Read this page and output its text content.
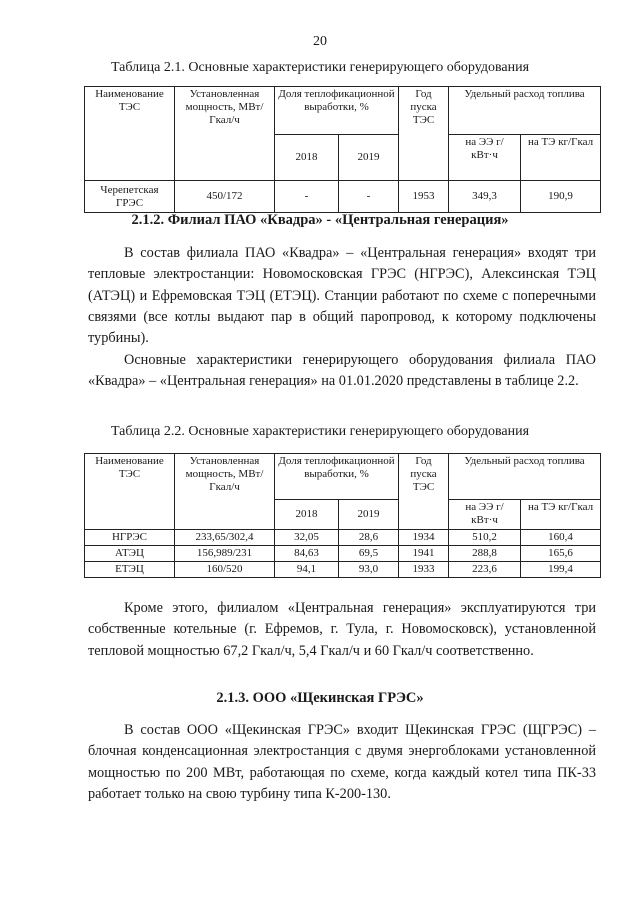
20
Таблица 2.1. Основные характеристики генерирующего оборудования
Наименование ТЭС	Установленная мощность, МВт/ Гкал/ч	Доля теплофикационной выработки, %		Год пуска ТЭС	Удельный расход топлива	
		2018	2019		на ЭЭ г/кВт·ч	на ТЭ кг/Гкал
Черепетская ГРЭС	450/172	-	-	1953	349,3	190,9
2.1.2. Филиал ПАО «Квадра» - «Центральная генерация»

В состав филиала ПАО «Квадра» – «Центральная генерация» входят три тепловые электростанции: Новомосковская ГРЭС (НГРЭС), Алексинская ТЭЦ (АТЭЦ) и Ефремовская ТЭЦ (ЕТЭЦ). Станции работают по схеме с поперечными связями (все котлы выдают пар в общий паропровод, к которому подключены турбины).

Основные характеристики генерирующего оборудования филиала ПАО «Квадра» – «Центральная генерация» на 01.01.2020 представлены в таблице 2.2.

Таблица 2.2. Основные характеристики генерирующего оборудования
Наименование ТЭС	Установленная мощность, МВт/ Гкал/ч	Доля теплофикационной выработки, %		Год пуска ТЭС	Удельный расход топлива	
		2018	2019		на ЭЭ г/кВт·ч	на ТЭ кг/Гкал
НГРЭС	233,65/302,4	32,05	28,6	1934	510,2	160,4
АТЭЦ	156,989/231	84,63	69,5	1941	288,8	165,6
ЕТЭЦ	160/520	94,1	93,0	1933	223,6	199,4

Кроме этого, филиалом «Центральная генерация» эксплуатируются три собственные котельные (г. Ефремов, г. Тула, г. Новомосковск), установленной тепловой мощностью 67,2 Гкал/ч, 5,4 Гкал/ч и 60 Гкал/ч соответственно.

2.1.3. ООО «Щекинская ГРЭС»

В состав ООО «Щекинская ГРЭС» входит Щекинская ГРЭС (ЩГРЭС) – блочная конденсационная электростанция с двумя энергоблоками установленной мощностью по 200 МВт, работающая по схеме, когда каждый котел типа ПК-33 работает только на свою турбину типа К-200-130.
